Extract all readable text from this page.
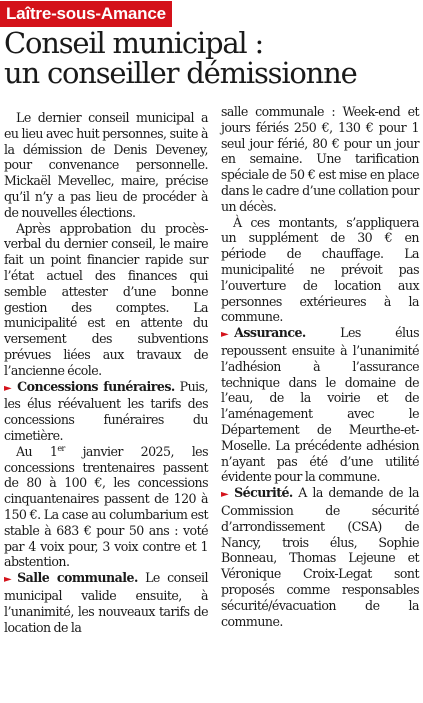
Laître-sous-Amance
Conseil municipal :
un conseiller démissionne

Le dernier conseil municipal a eu lieu avec huit personnes, suite à la démission de Denis Deveney, pour convenance personnelle. Mickaël Mevellec, maire, précise qu’il n’y a pas lieu de procéder à de nouvelles élections.

Après approbation du procès-verbal du dernier conseil, le maire fait un point financier rapide sur l’état actuel des finances qui semble attester d’une bonne gestion des comptes. La municipalité est en attente du versement des subventions prévues liées aux travaux de l’ancienne école.

► Concessions funéraires. Puis, les élus réévaluent les tarifs des concessions funéraires du cimetière.

Au 1er janvier 2025, les concessions trentenaires passent de 80 à 100 €, les concessions cinquantenaires passent de 120 à 150 €. La case au columbarium est stable à 683 € pour 50 ans : voté par 4 voix pour, 3 voix contre et 1 abstention.

► Salle communale. Le conseil municipal valide ensuite, à l’unanimité, les nouveaux tarifs de location de la

salle communale : Week-end et jours fériés 250 €, 130 € pour 1 seul jour férié, 80 € pour un jour en semaine. Une tarification spéciale de 50 € est mise en place dans le cadre d’une collation pour un décès.

À ces montants, s’appliquera un supplément de 30 € en période de chauffage. La municipalité ne prévoit pas l’ouverture de location aux personnes extérieures à la commune.

► Assurance. Les élus repoussent ensuite à l’unanimité l’adhésion à l’assurance technique dans le domaine de l’eau, de la voirie et de l’aménagement avec le Département de Meurthe-et-Moselle. La précédente adhésion n’ayant pas été d’une utilité évidente pour la commune.

► Sécurité. A la demande de la Commission de sécurité d’arrondissement (CSA) de Nancy, trois élus, Sophie Bonneau, Thomas Lejeune et Véronique Croix-Legat sont proposés comme responsables sécurité/évacuation de la commune.
